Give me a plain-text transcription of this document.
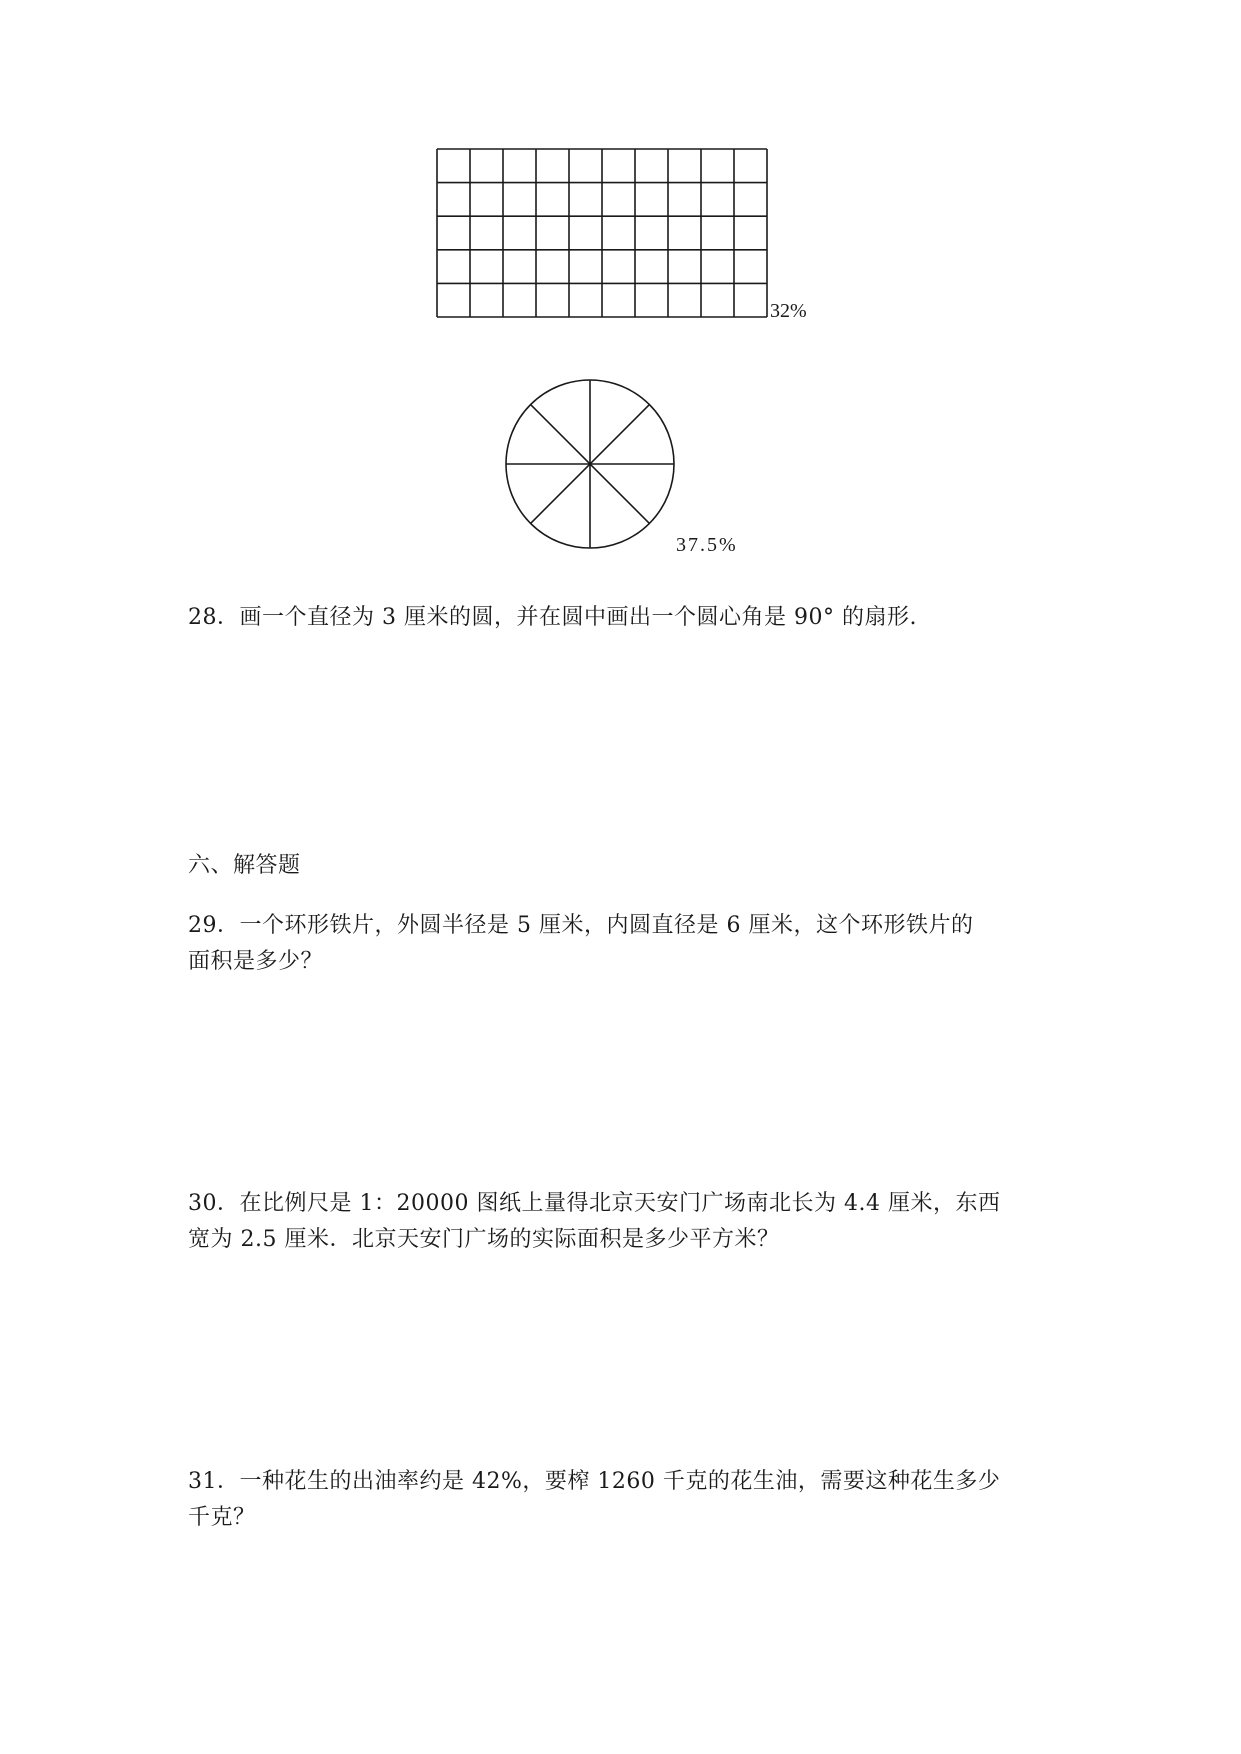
32%
37.5%
28．画一个直径为 3 厘米的圆，并在圆中画出一个圆心角是 90° 的扇形.
六、解答题
29．一个环形铁片，外圆半径是 5 厘米，内圆直径是 6 厘米，这个环形铁片的
面积是多少？
30．在比例尺是 1：20000 图纸上量得北京天安门广场南北长为 4.4 厘米，东西
宽为 2.5 厘米．北京天安门广场的实际面积是多少平方米？
31．一种花生的出油率约是 42%，要榨 1260 千克的花生油，需要这种花生多少
千克？
